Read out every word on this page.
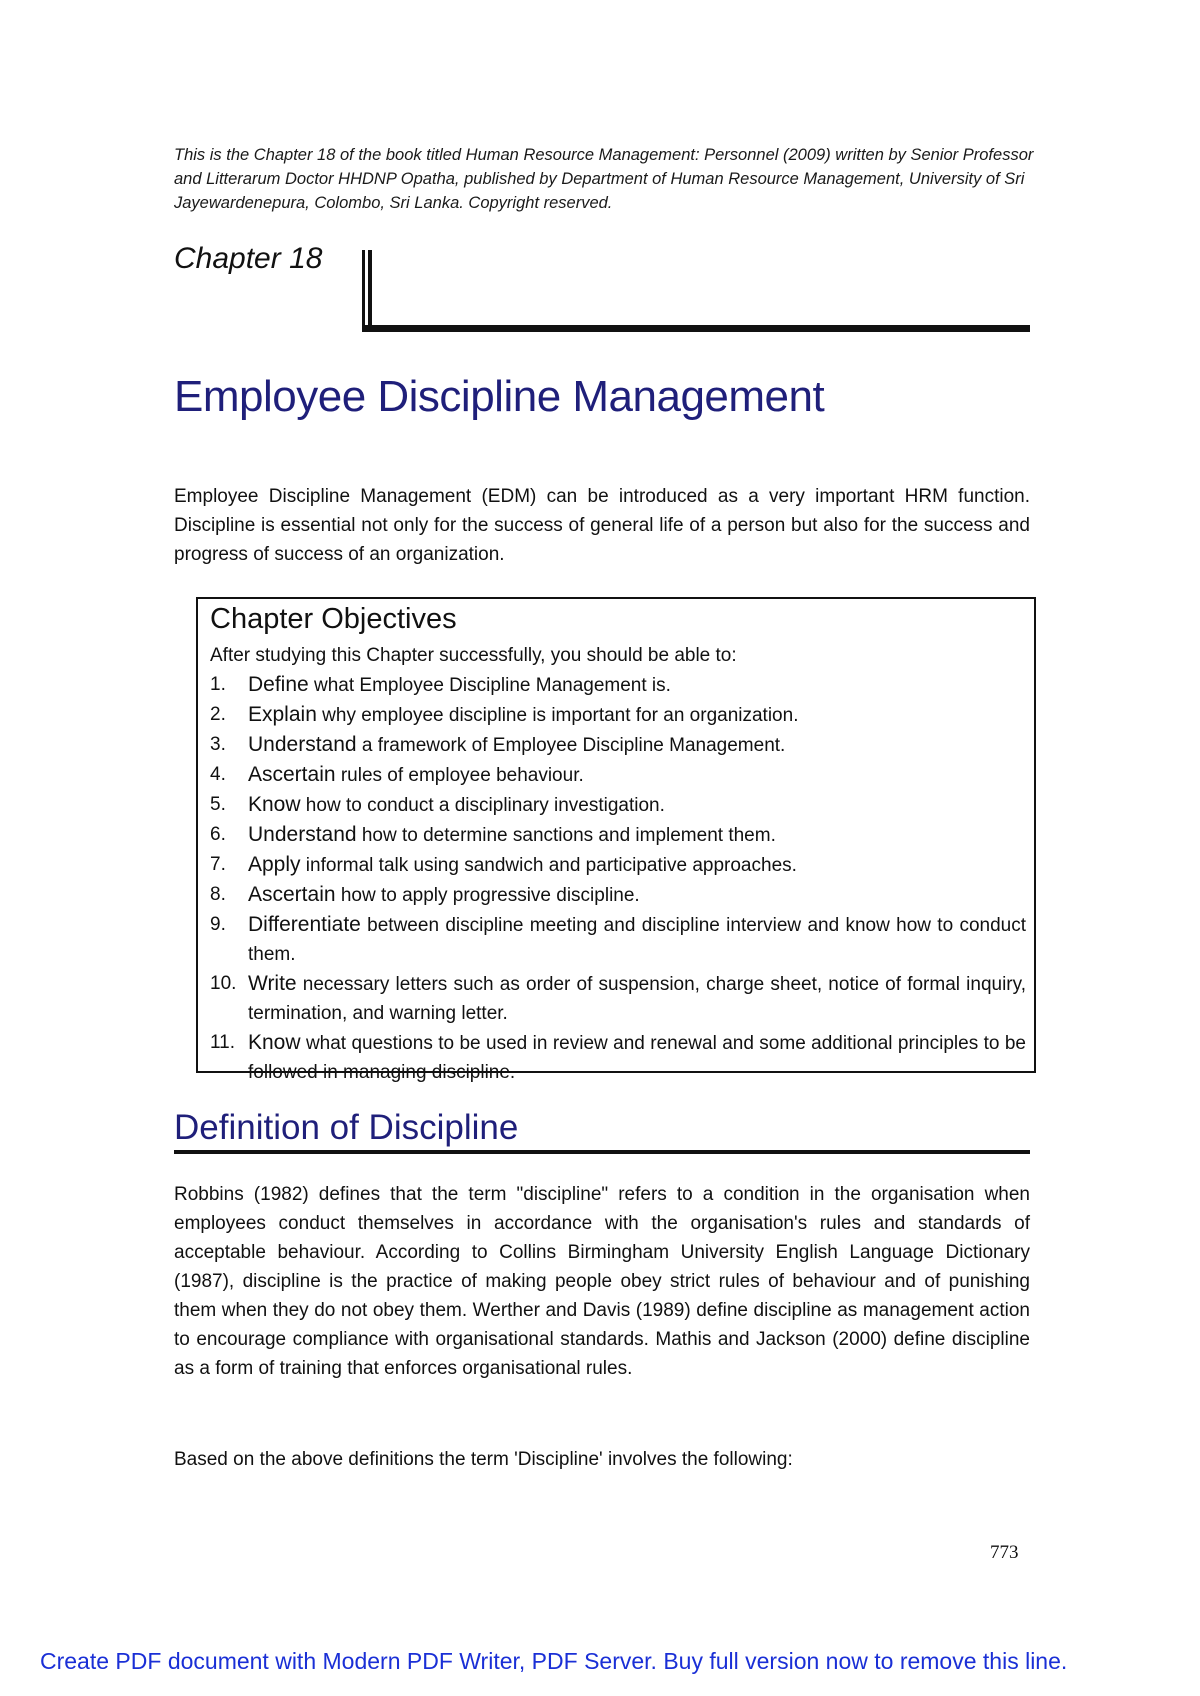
This is the Chapter 18 of the book titled Human Resource Management: Personnel (2009) written by Senior Professor and Litterarum Doctor HHDNP Opatha, published by Department of Human Resource Management, University of Sri Jayewardenepura, Colombo, Sri Lanka. Copyright reserved.
Chapter 18
Employee Discipline Management
Employee Discipline Management (EDM) can be introduced as a very important HRM function. Discipline is essential not only for the success of general life of a person but also for the success and progress of success of an organization.
Chapter Objectives
After studying this Chapter successfully, you should be able to:
1.	Define what Employee Discipline Management is.
2.	Explain why employee discipline is important for an organization.
3.	Understand a framework of Employee Discipline Management.
4.	Ascertain rules of employee behaviour.
5.	Know how to conduct a disciplinary investigation.
6.	Understand how to determine sanctions and implement them.
7.	Apply informal talk using sandwich and participative approaches.
8.	Ascertain how to apply progressive discipline.
9.	Differentiate between discipline meeting and discipline interview and know how to conduct them.
10. Write necessary letters such as order of suspension, charge sheet, notice of formal inquiry, termination, and warning letter.
11. Know what questions to be used in review and renewal and some additional principles to be followed in managing discipline.
Definition of Discipline
Robbins (1982) defines that the term "discipline" refers to a condition in the organisation when employees conduct themselves in accordance with the organisation's rules and standards of acceptable behaviour. According to Collins Birmingham University English Language Dictionary (1987), discipline is the practice of making people obey strict rules of behaviour and of punishing them when they do not obey them. Werther and Davis (1989) define discipline as management action to encourage compliance with organisational standards. Mathis and Jackson (2000) define discipline as a form of training that enforces organisational rules.
Based on the above definitions the term 'Discipline' involves the following:
773
Create PDF document with Modern PDF Writer, PDF Server. Buy full version now to remove this line.
